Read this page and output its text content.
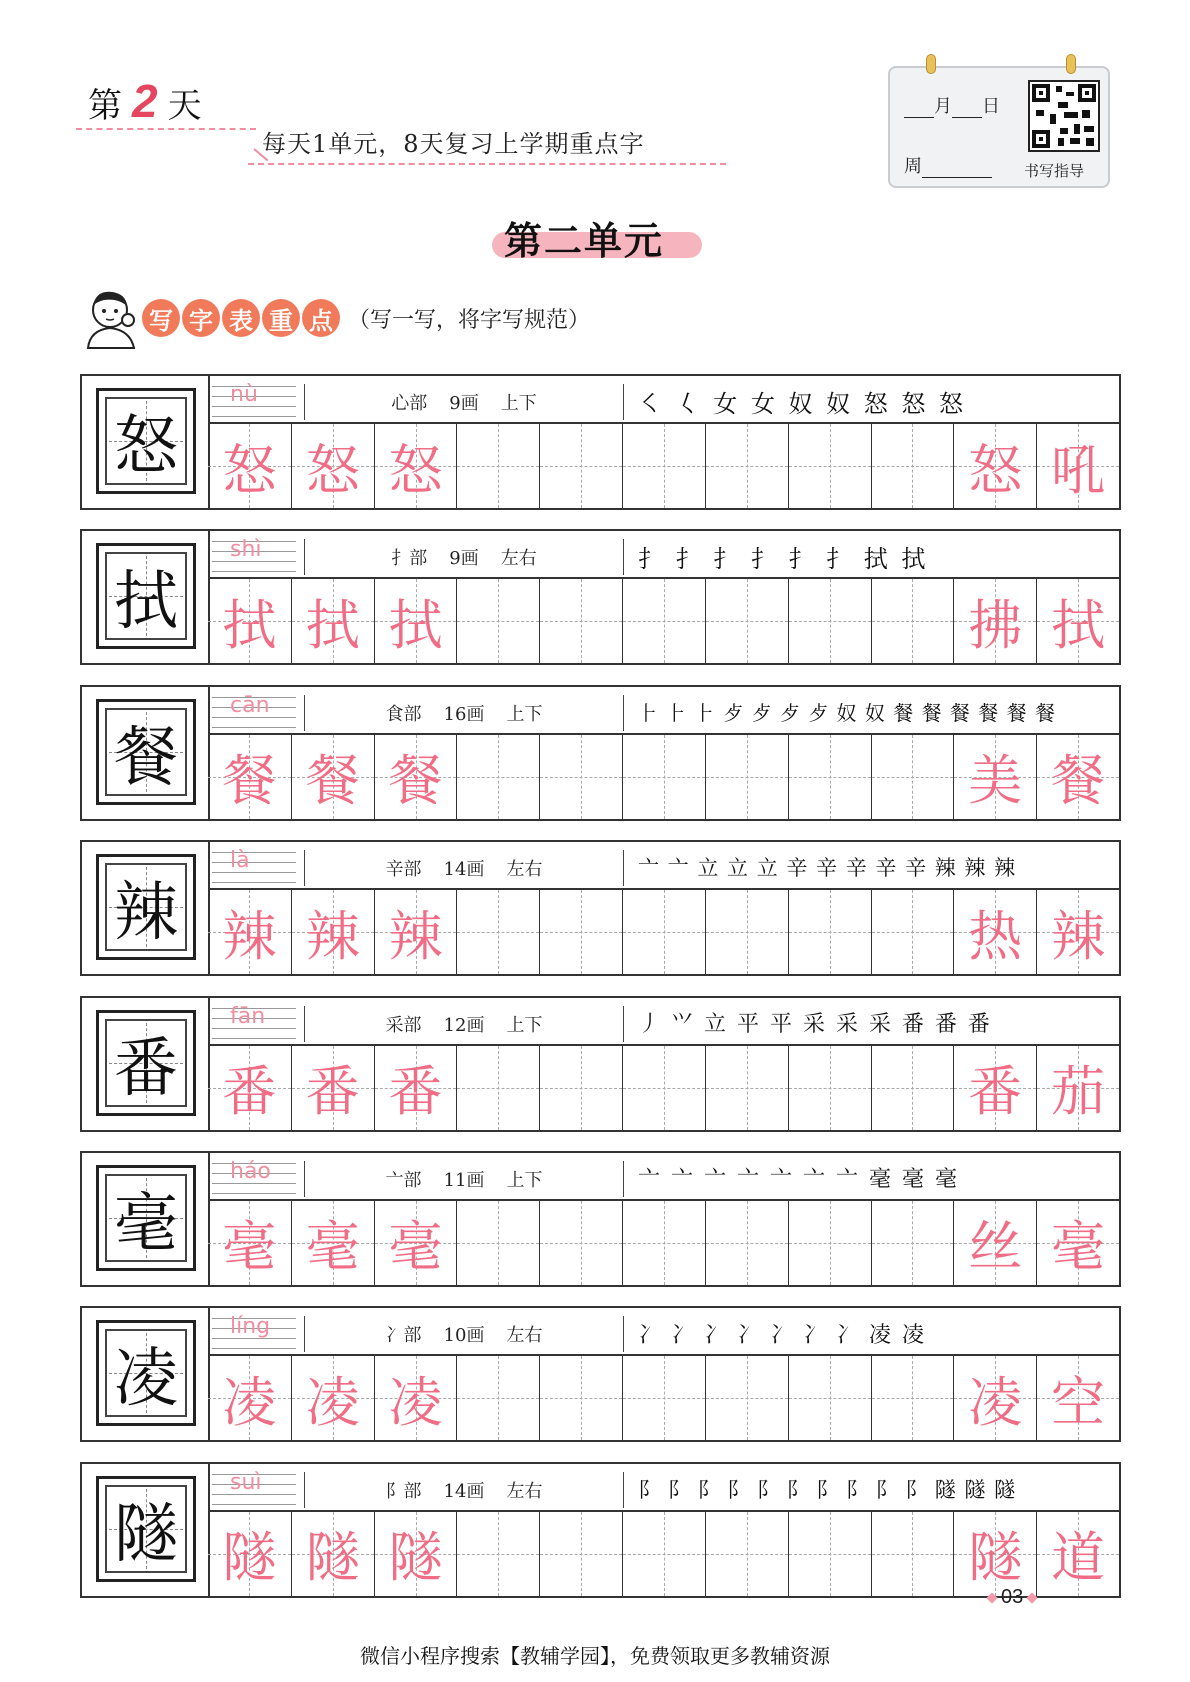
第 2 天
每天1单元，8天复习上学期重点字
月 日
周	书写指导
第二单元
写 字 表 重 点 （写一写，将字写规范）
怒
nù	心部 9画 上下	㇛ 𡿨 女 女 奴 奴 怒 怒 怒
怒 怒 怒	怒 吼
拭
shì	扌部 9画 左右	扌 扌 扌 扌 扌 扌 拭 拭
拭 拭 拭	拂 拭
餐
cān	食部 16画 上下	⺊ ⺊ ⺊ 歺 歺 歺 歺 奴 奴 餐 餐 餐 餐 餐 餐
餐 餐 餐	美 餐
辣
là	辛部 14画 左右	亠 亠 立 立 立 辛 辛 辛 辛 辛 辣 辣 辣
辣 辣 辣	热 辣
番
fān	采部 12画 上下	丿 ⺍ 立 平 平 采 采 采 番 番 番
番 番 番	番 茄
毫
háo	亠部 11画 上下	亠 亠 亠 亠 亠 亠 亠 毫 毫 毫
毫 毫 毫	丝 毫
凌
líng	冫部 10画 左右	冫 冫 冫 冫 冫 冫 冫 凌 凌
凌 凌 凌	凌 空
隧
suì	阝部 14画 左右	阝 阝 阝 阝 阝 阝 阝 阝 阝 阝 隧 隧 隧
隧 隧 隧	隧 道
03
微信小程序搜索【教辅学园】，免费领取更多教辅资源
